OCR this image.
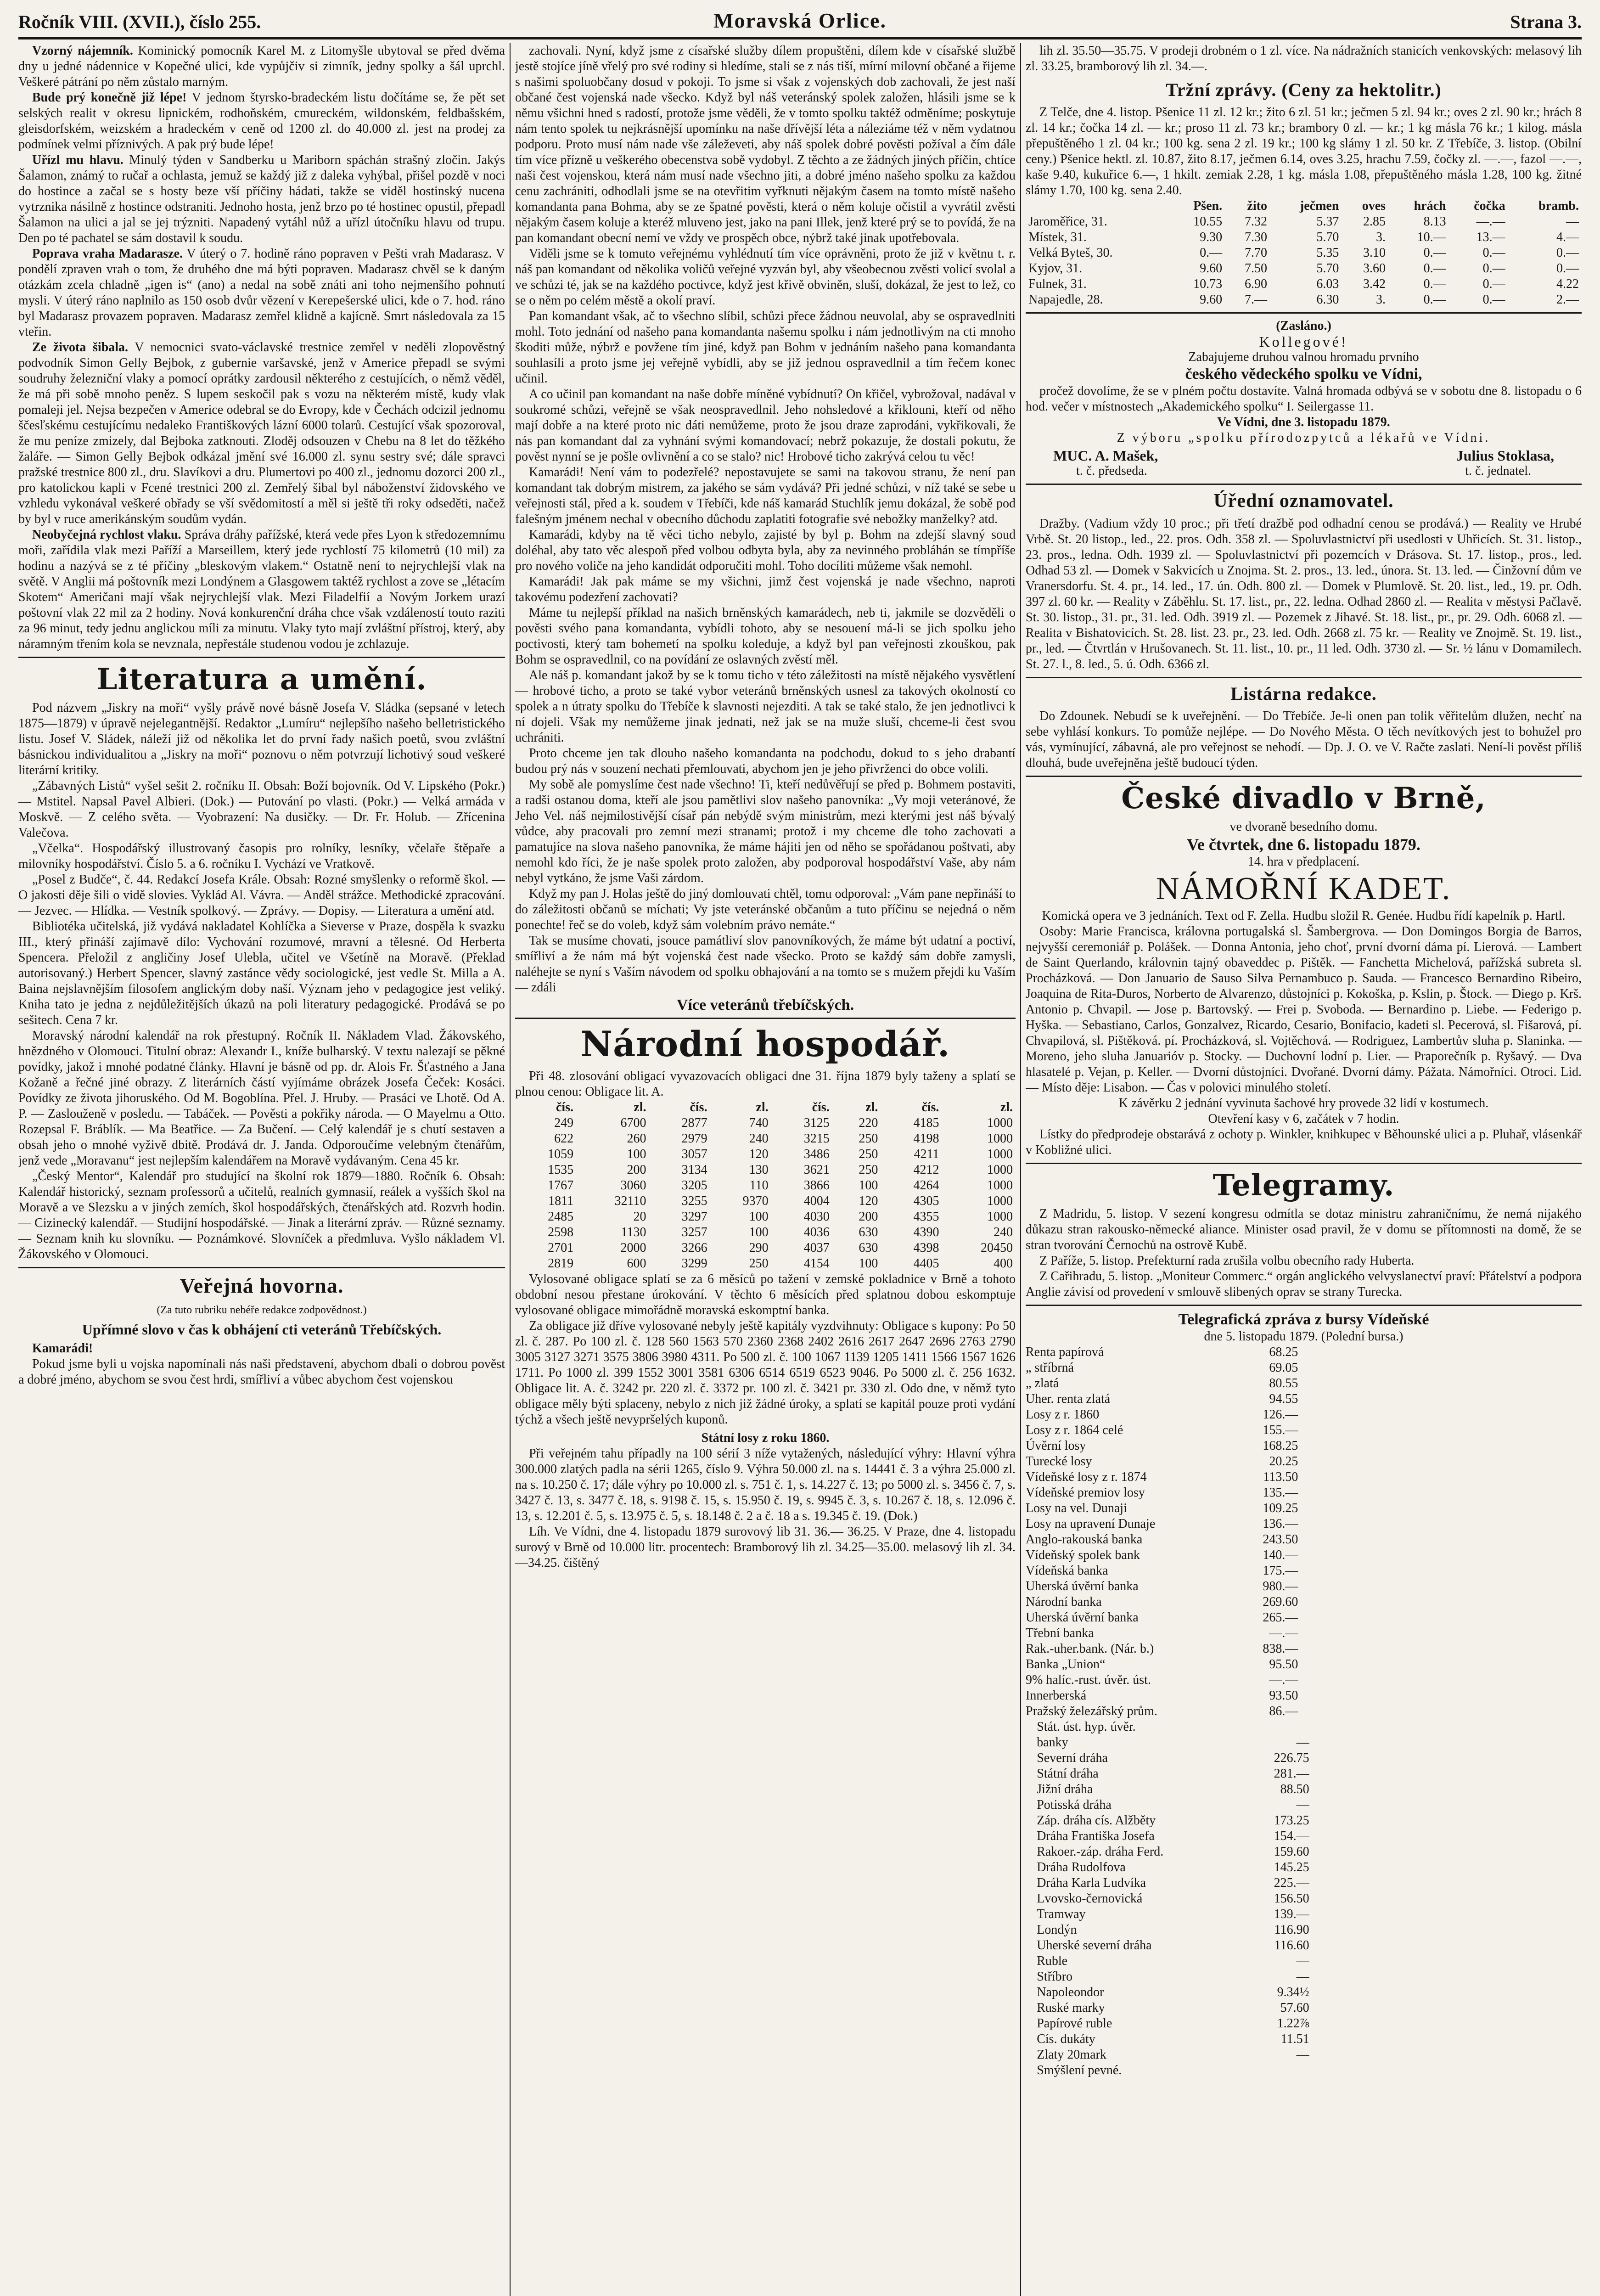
Ročník VIII. (XVII.), číslo 255.	Moravská Orlice.	Strana 3.

Vzorný nájemník. Kominický pomocník Karel M. z Litomyšle ubytoval se před dvěma dny u jedné nádennice v Kopečné ulici, kde vypůjčiv si zimník, jedny spolky a šál uprchl. Veškeré pátrání po něm zůstalo marným.

Bude prý konečně již lépe! V jednom štyrsko-bradeckém listu dočítáme se, že pět set selských realit v okresu lipnickém, rodhoňském, cmureckém, wildonském, feldbašském, gleisdorfském, weizském a hradeckém v ceně od 1200 zl. do 40.000 zl. jest na prodej za podmínek velmi příznivých. A pak prý bude lépe!

Uřízl mu hlavu. Minulý týden v Sandberku u Mariborn spáchán strašný zločin. Jakýs Šalamon, známý to ručař a ochlasta, jemuž se každý již z daleka vyhýbal, přišel pozdě v noci do hostince a začal se s hosty beze vší příčiny hádati, takže se viděl hostinský nucena vytrznika násilně z hostince odstraniti. Jednoho hosta, jenž brzo po té hostinec opustil, přepadl Šalamon na ulici a jal se jej trýzniti. Napadený vytáhl nůž a uřízl útočníku hlavu od trupu. Den po té pachatel se sám dostavil k soudu.

Poprava vraha Madarasze. V úterý o 7. hodině ráno popraven v Pešti vrah Madarasz. V pondělí zpraven vrah o tom, že druhého dne má býti popraven. Madarasz chvěl se k daným otázkám zcela chladně „igen is“ (ano) a nedal na sobě znáti ani toho nejmenšího pohnutí mysli. V úterý ráno naplnilo as 150 osob dvůr vězení v Kerepešerské ulici, kde o 7. hod. ráno byl Madarasz provazem popraven. Madarasz zemřel klidně a kajícně. Smrt následovala za 15 vteřin.

Ze života šibala. V nemocnici svato-václavské trestnice zemřel v neděli zlopověstný podvodník Simon Gelly Bejbok, z gubernie varšavské, jenž v Americe přepadl se svými soudruhy železniční vlaky a pomocí oprátky zardousil některého z cestujících, o němž věděl, že má při sobě mnoho peněz. S lupem seskočil pak s vozu na některém místě, kudy vlak pomaleji jel. Nejsa bezpečen v Americe odebral se do Evropy, kde v Čechách odcizil jednomu ščesľskému cestujícímu nedaleko Františkových lázní 6000 tolarů. Cestující však spozoroval, že mu peníze zmizely, dal Bejboka zatknouti. Zloděj odsouzen v Chebu na 8 let do těžkého žaláře. — Simon Gelly Bejbok odkázal jmění své 16.000 zl. synu sestry své; dále spravci pražské trestnice 800 zl., dru. Slavíkovi a dru. Plumertovi po 400 zl., jednomu dozorci 200 zl., pro katolickou kapli v Fcené trestnici 200 zl. Zemřelý šibal byl náboženství židovského ve vzhledu vykonával veškeré obřady se vší svědomitostí a měl si ještě tři roky odseděti, načež by byl v ruce amerikánským soudům vydán.

Neobyčejná rychlost vlaku. Správa dráhy pařížské, která vede přes Lyon k středozemnímu moři, zařídila vlak mezi Paříží a Marseillem, který jede rychlostí 75 kilometrů (10 mil) za hodinu a nazývá se z té příčiny „bleskovým vlakem.“ Ostatně není to nejrychlejší vlak na světě. V Anglii má poštovník mezi Londýnem a Glasgowem taktéž rychlost a zove se „létacím Skotem“ Američani mají však nejrychlejší vlak. Mezi Filadelfií a Novým Jorkem urazí poštovní vlak 22 mil za 2 hodiny. Nová konkurenční dráha chce však vzdáleností touto raziti za 96 minut, tedy jednu anglickou míli za minutu. Vlaky tyto mají zvláštní přístroj, který, aby náramným třením kola se nevznala, nepřestále studenou vodou je zchlazuje.

Literatura a umění.

Pod názvem „Jiskry na moři“ vyšly právě nové básně Josefa V. Sládka (sepsané v letech 1875—1879) v úpravě nejelegantnější. Redaktor „Lumíru“ nejlepšího našeho belletristického listu. Josef V. Sládek, náleží již od několika let do první řady našich poetů, svou zvláštní básnickou individualitou a „Jiskry na moři“ poznovu o něm potvrzují lichotivý soud veškeré literární kritiky.

„Zábavných Listů“ vyšel sešit 2. ročníku II. Obsah: Boží bojovník. Od V. Lipského (Pokr.) — Mstitel. Napsal Pavel Albieri. (Dok.) — Putování po vlasti. (Pokr.) — Velká armáda v Moskvě. — Z celého světa. — Vyobrazení: Na dusičky. — Dr. Fr. Holub. — Zřícenina Valečova.

„Včelka“. Hospodářský illustrovaný časopis pro rolníky, lesníky, včelaře štěpaře a milovníky hospodářství. Číslo 5. a 6. ročníku I. Vychází ve Vratkově.

„Posel z Budče“, č. 44. Redakcí Josefa Krále. Obsah: Rozné smyšlenky o reformě škol. — O jakosti děje šili o vidě slovies. Vyklád Al. Vávra. — Anděl strážce. Methodické zpracování. — Jezvec. — Hlídka. — Vestník spolkový. — Zprávy. — Dopisy. — Literatura a umění atd.

Bibliotéka učitelská, již vydává nakladatel Kohlíčka a Sieverse v Praze, dospěla k svazku III., který přináší zajímavě dílo: Vychování rozumové, mravní a tělesné. Od Herberta Spencera. Přeložil z angličiny Josef Ulebla, učitel ve Všetíně na Moravě. (Překlad autorisovaný.) Herbert Spencer, slavný zastánce vědy sociologické, jest vedle St. Milla a A. Baina nejslavnějším filosofem anglickým doby naší. Význam jeho v pedagogice jest veliký. Kniha tato je jedna z nejdůležitějších úkazů na poli literatury pedagogické. Prodává se po sešitech. Cena 7 kr.

Moravský národní kalendář na rok přestupný. Ročník II. Nákladem Vlad. Žákovského, hnězdného v Olomouci. Titulní obraz: Alexandr I., kníže bulharský. V textu nalezají se pěkné povídky, jakož i mnohé podatné články. Hlavní je básně od pp. dr. Alois Fr. Šťastného a Jana Kožaně a řečné jiné obrazy. Z literárních částí vyjímáme obrázek Josefa Čeček: Kosáci. Povídky ze života jihoruského. Od M. Bogoblína. Přel. J. Hruby. — Prasáci ve Lhotě. Od A. P. — Zaslouženě v posledu. — Tabáček. — Pověsti a pokřiky národa. — O Mayelmu a Otto. Rozepsal F. Bráblík. — Ma Beatřice. — Za Bučení. — Celý kalendář je s chutí sestaven a obsah jeho o mnohé vyživě dbitě. Prodává dr. J. Janda. Odporoučíme velebným čtenářům, jenž vede „Moravanu“ jest nejlepším kalendářem na Moravě vydávaným. Cena 45 kr.

„Český Mentor“, Kalendář pro studující na školní rok 1879—1880. Ročník 6. Obsah: Kalendář historický, seznam professorů a učitelů, realních gymnasií, reálek a vyšších škol na Moravě a ve Slezsku a v jiných zemích, škol hospodářských, čtenářských atd. Rozvrh hodin. — Cizinecký kalendář. — Studijní hospodářské. — Jinak a literární zpráv. — Různé seznamy. — Seznam knih ku slovníku. — Poznámkové. Slovníček a předmluva. Vyšlo nákladem Vl. Žákovského v Olomouci.

Veřejná hovorna.
(Za tuto rubriku nebéře redakce zodpovědnost.)
Upřímné slovo v čas k obhájení cti veteránů Třebíčských.

Kamarádi!

Pokud jsme byli u vojska napomínali nás naši představení, abychom dbali o dobrou pověst a dobré jméno, abychom se svou čest hrdi, smířliví a vůbec abychom čest vojenskou

zachovali. Nyní, když jsme z císařské služby dílem propuštěni, dílem kde v císařské službě jestě stojíce jíně vřelý pro své rodiny si hledíme, stali se z nás tiší, mírní milovní občané a řijeme s našimi spoluobčany dosud v pokoji. To jsme si však z vojenských dob zachovali, že jest naší občané čest vojenská nade všecko. Když byl náš veteránský spolek založen, hlásili jsme se k němu všichni hned s radostí, protože jsme věděli, že v tomto spolku taktéž odměníme; poskytuje nám tento spolek tu nejkrásnější upomínku na naše dřívější léta a náleziáme též v něm vydatnou podporu. Proto musí nám nade vše záleževeti, aby náš spolek dobré pověsti požíval a čím dále tím více přízně u veškerého obecenstva sobě vydobyl. Z těchto a ze žádných jiných příčin, chtíce naši čest vojenskou, která nám musí nade všechno jiti, a dobré jméno našeho spolku za každou cenu zachrániti, odhodlali jsme se na otevřitim vyřknuti nějakým časem na tomto místě našeho komandanta pana Bohma, aby se ze špatné pověsti, která o něm koluje očistil a vyvrátil zvěsti nějakým časem koluje a kteréž mluveno jest, jako na pani Illek, jenž které prý se to povídá, že na pan komandant obecní nemí ve vždy ve prospěch obce, nýbrž také jinak upotřebovala.

Viděli jsme se k tomuto veřejnému vyhlédnutí tím více oprávněni, proto že již v květnu t. r. náš pan komandant od několika voličů veřejné vyzván byl, aby všeobecnou zvěsti volicí svolal a ve schůzi té, jak se na každého poctivce, když jest křivě obviněn, sluší, dokázal, že jest to lež, co se o něm po celém městě a okolí praví.

Pan komandant však, ač to všechno slíbil, schůzi přece žádnou neuvolal, aby se ospravedlniti mohl. Toto jednání od našeho pana komandanta našemu spolku i nám jednotlivým na cti mnoho škoditi může, nýbrž e povžene tím jiné, když pan Bohm v jednáním našeho pana komandanta souhlasíli a proto jsme jej veřejně vybídli, aby se již jednou ospravedlnil a tím řečem konec učinil.

A co učinil pan komandant na naše dobře míněné vybídnutí? On křičel, vybrožoval, nadával v soukromé schůzi, veřejně se však neospravedlnil. Jeho nohsledové a křiklouni, kteří od něho mají dobře a na které proto nic dáti nemůžeme, proto že jsou draze zaprodáni, vykřikovali, že nás pan komandant dal za vyhnání svými komandovací; nebrž pokazuje, že dostali pokutu, že pověst nynní se je pošle ovlivnění a co se stalo? nic! Hrobové ticho zakrývá celou tu věc!

Kamarádi! Není vám to podezřelé? nepostavujete se sami na takovou stranu, že není pan komandant tak dobrým mistrem, za jakého se sám vydává? Při jedné schůzi, v níž také se sebe u veřejnosti stál, před a k. soudem v Třebíči, kde náš kamarád Stuchlík jemu dokázal, že sobě pod falešným jménem nechal v obecního důchodu zaplatiti fotografie své nebožky manželky? atd.

Kamarádi, kdyby na tě věci ticho nebylo, zajisté by byl p. Bohm na zdejší slavný soud doléhal, aby tato věc alespoň před volbou odbyta byla, aby za nevinného probláhán se tímpříše pro nového voliče na jeho kandidát odporučiti mohl. Toho docíliti můžeme však nemohl.

Kamarádi! Jak pak máme se my všichni, jimž čest vojenská je nade všechno, naproti takovému podezření zachovati?

Máme tu nejlepší příklad na našich brněnských kamarádech, neb ti, jakmile se dozvěděli o pověsti svého pana komandanta, vybídli tohoto, aby se nesouení má-li se jich spolku jeho poctivosti, který tam bohemetí na spolku koleduje, a když byl pan veřejnosti zkouškou, pak Bohm se ospravedlnil, co na povídání ze oslavných zvěstí měl.

Ale náš p. komandant jakož by se k tomu ticho v této záležitosti na místě nějakého vysvětlení — hrobové ticho, a proto se také vybor veteránů brněnských usnesl za takových okolností co spolek a n útraty spolku do Třebíče k slavnosti nejezditi. A tak se také stalo, že jen jednotlivci k ní dojeli. Však my nemůžeme jinak jednati, než jak se na muže sluší, chceme-li čest svou uchrániti.

Proto chceme jen tak dlouho našeho komandanta na podchodu, dokud to s jeho drabantí budou prý nás v souzení nechati přemlouvati, abychom jen je jeho přivrženci do obce volili.

My sobě ale pomyslíme čest nade všechno! Ti, kteří nedůvěřují se před p. Bohmem postaviti, a radši ostanou doma, kteří ale jsou pamětlivi slov našeho panovníka: „Vy moji veteránové, že Jeho Vel. náš nejmilostivější císař pán nebýdě svým ministrům, mezi kterými jest náš bývalý vůdce, aby pracovali pro zemní mezi stranami; protož i my chceme dle toho zachovati a pamatujíce na slova našeho panovníka, že máme hájiti jen od něho se spořádanou poštvati, aby nemohl kdo říci, že je naše spolek proto založen, aby podporoval hospodářství Vaše, aby nám nebyl vytkáno, že jsme Vaši zárdom.

Když my pan J. Holas ještě do jiný domlouvati chtěl, tomu odporoval: „Vám pane nepřináší to do záležitosti občanů se míchati; Vy jste veteránské občanům a tuto příčinu se nejedná o něm ponechte! řeč se do voleb, když sám volebním právo nemáte.“

Tak se musíme chovati, jsouce památliví slov panovníkových, že máme být udatní a poctiví, smířliví a že nám má být vojenská čest nade všecko. Proto se každý sám dobře zamysli, naléhejte se nyní s Vaším návodem od spolku obhajování a na tomto se s mužem přejdi ku Vaším — zdáli

Více veteránů třebíčských.
Národní hospodář.

Při 48. zlosování obligací vyvazovacích obligaci dne 31. října 1879 byly taženy a splatí se plnou cenou: Obligace lit. A.

čís.	zl.	čís.	zl.	čís.	zl.	čís.	zl.
249	6700	2877	740	3125	220	4185	1000
622	260	2979	240	3215	250	4198	1000
1059	100	3057	120	3486	250	4211	1000
1535	200	3134	130	3621	250	4212	1000
1767	3060	3205	110	3866	100	4264	1000
1811	32110	3255	9370	4004	120	4305	1000
2485	20	3297	100	4030	200	4355	1000
2598	1130	3257	100	4036	630	4390	240
2701	2000	3266	290	4037	630	4398	20450
2819	600	3299	250	4154	100	4405	400

Vylosované obligace splatí se za 6 měsíců po tažení v zemské pokladnice v Brně a tohoto obdobní nesou přestane úrokování. V těchto 6 měsících před splatnou dobou eskomptuje vylosované obligace mimořádně moravská eskomptní banka.

Za obligace již dříve vylosované nebyly ještě kapitály vyzdvihnuty: Obligace s kupony: Po 50 zl. č. 287. Po 100 zl. č. 128 560 1563 570 2360 2368 2402 2616 2617 2647 2696 2763 2790 3005 3127 3271 3575 3806 3980 4311. Po 500 zl. č. 100 1067 1139 1205 1411 1566 1567 1626 1711. Po 1000 zl. 399 1552 3001 3581 6306 6514 6519 6523 9046. Po 5000 zl. č. 256 1632. Obligace lit. A. č. 3242 pr. 220 zl. č. 3372 pr. 100 zl. č. 3421 pr. 330 zl. Odo dne, v němž tyto obligace měly býti splaceny, nebylo z nich již žádné úroky, a splatí se kapitál pouze proti vydání týchž a všech ještě nevypršelých kuponů.

Státní losy z roku 1860.

Při veřejném tahu případly na 100 sérií 3 níže vytažených, následující výhry: Hlavní výhra 300.000 zlatých padla na sérii 1265, číslo 9. Výhra 50.000 zl. na s. 14441 č. 3 a výhra 25.000 zl. na s. 10.250 č. 17; dále výhry po 10.000 zl. s. 751 č. 1, s. 14.227 č. 13; po 5000 zl. s. 3456 č. 7, s. 3427 č. 13, s. 3477 č. 18, s. 9198 č. 15, s. 15.950 č. 19, s. 9945 č. 3, s. 10.267 č. 18, s. 12.096 č. 13, s. 12.201 č. 5, s. 13.975 č. 5, s. 18.148 č. 2 a č. 18 a s. 19.345 č. 19. (Dok.)

Líh. Ve Vídni, dne 4. listopadu 1879 surovový lib 31. 36.— 36.25. V Praze, dne 4. listopadu surový v Brně od 10.000 litr. procentech: Bramborový lih zl. 34.25—35.00. melasový lih zl. 34.—34.25. čištěný

lih zl. 35.50—35.75. V prodeji drobném o 1 zl. více. Na nádražních stanicích venkovských: melasový lih zl. 33.25, bramborový lih zl. 34.—.

Tržní zprávy. (Ceny za hektolitr.)

Z Telče, dne 4. listop. Pšenice 11 zl. 12 kr.; žito 6 zl. 51 kr.; ječmen 5 zl. 94 kr.; oves 2 zl. 90 kr.; hrách 8 zl. 14 kr.; čočka 14 zl. — kr.; proso 11 zl. 73 kr.; brambory 0 zl. — kr.; 1 kg másla 76 kr.; 1 kilog. másla přepuštěného 1 zl. 04 kr.; 100 kg. sena 2 zl. 19 kr.; 100 kg slámy 1 zl. 50 kr. Z Třebíče, 3. listop. (Obilní ceny.) Pšenice hektl. zl. 10.87, žito 8.17, ječmen 6.14, oves 3.25, hrachu 7.59, čočky zl. —.—, fazol —.—, kaše 9.40, kukuřice 6.—, 1 hkilt. zemiak 2.28, 1 kg. másla 1.08, přepuštěného másla 1.28, 100 kg. žitné slámy 1.70, 100 kg. sena 2.40.

	Pšen.	žito	ječmen	oves	hrách	čočka	bramb.
Jaroměřice, 31.	10.55	7.32	5.37	2.85	8.13	—.—	—
Místek, 31.	9.30	7.30	5.70	3.	10.—	13.—	4.—
Velká Byteš, 30.	0.—	7.70	5.35	3.10	0.—	0.—	0.—
Kyjov, 31.	9.60	7.50	5.70	3.60	0.—	0.—	0.—
Fulnek, 31.	10.73	6.90	6.03	3.42	0.—	0.—	4.22
Napajedle, 28.	9.60	7.—	6.30	3.	0.—	0.—	2.—
(Zasláno.)
Kollegové!
Zabajujeme druhou valnou hromadu prvního
českého vědeckého spolku ve Vídni,

pročež dovolíme, že se v plném počtu dostavíte. Valná hromada odbývá se v sobotu dne 8. listopadu o 6 hod. večer v místnostech „Akademického spolku“ I. Seilergasse 11.

Ve Vídni, dne 3. listopadu 1879.
Z výboru „spolku přírodozpytců a lékařů ve Vídni.
MUC. A. Mašek,	Julius Stoklasa,
t. č. předseda.	t. č. jednatel.
Úřední oznamovatel.

Dražby. (Vadium vždy 10 proc.; při třetí dražbě pod odhadní cenou se prodává.) — Reality ve Hrubé Vrbě. St. 20 listop., led., 22. pros. Odh. 358 zl. — Spoluvlastnictví při usedlosti v Uhřicích. St. 31. listop., 23. pros., ledna. Odh. 1939 zl. — Spoluvlastnictví při pozemcích v Drásova. St. 17. listop., pros., led. Odhad 53 zl. — Domek v Sakvicích u Znojma. St. 2. pros., 13. led., února. St. 13. led. — Činžovní dům ve Vranersdorfu. St. 4. pr., 14. led., 17. ún. Odh. 800 zl. — Domek v Plumlově. St. 20. list., led., 19. pr. Odh. 397 zl. 60 kr. — Reality v Záběhlu. St. 17. list., pr., 22. ledna. Odhad 2860 zl. — Realita v městysi Pačlavě. St. 30. listop., 31. pr., 31. led. Odh. 3919 zl. — Pozemek z Jihavé. St. 18. list., pr., pr. 29. Odh. 6068 zl. — Realita v Bishatovicích. St. 28. list. 23. pr., 23. led. Odh. 2668 zl. 75 kr. — Reality ve Znojmě. St. 19. list., pr., led. — Čtvrtlán v Hrušovanech. St. 11. list., 10. pr., 11 led. Odh. 3730 zl. — Sr. ½ lánu v Domamilech. St. 27. l., 8. led., 5. ú. Odh. 6366 zl.

Listárna redakce.

Do Zdounek. Nebudí se k uveřejnění. — Do Třebíče. Je-li onen pan tolik věřitelům dlužen, nechť na sebe vyhlásí konkurs. To pomůže nejlépe. — Do Nového Města. O těch nevítkových jest to bohužel pro vás, vymínující, zábavná, ale pro veřejnost se nehodí. — Dp. J. O. ve V. Račte zaslati. Není-li pověst příliš dlouhá, bude uveřejněna ještě budoucí týden.

České divadlo v Brně,
ve dvoraně besedního domu.
Ve čtvrtek, dne 6. listopadu 1879.
14. hra v předplacení.
NÁMOŘNÍ KADET.
Komická opera ve 3 jednáních. Text od F. Zella. Hudbu složil R. Genée. Hudbu řídí kapelník p. Hartl.

Osoby: Marie Francisca, královna portugalská sl. Šambergrova. — Don Domingos Borgia de Barros, nejvyšší ceremoniář p. Polášek. — Donna Antonia, jeho choť, první dvorní dáma pí. Lierová. — Lambert de Saint Querlando, královnin tajný obaveddec p. Pištěk. — Fanchetta Michelová, pařížská subreta sl. Procházková. — Don Januario de Sauso Silva Pernambuco p. Sauda. — Francesco Bernardino Ribeiro, Joaquina de Rita-Duros, Norberto de Alvarenzo, důstojníci p. Kokoška, p. Kslin, p. Štock. — Diego p. Krš. Antonio p. Chvapil. — Jose p. Bartovský. — Frei p. Svoboda. — Bernardino p. Liebe. — Federigo p. Hyška. — Sebastiano, Carlos, Gonzalvez, Ricardo, Cesario, Bonifacio, kadeti sl. Pecerová, sl. Fišarová, pí. Chvapilová, sl. Pištěková. pí. Procházková, sl. Vojtěchová. — Rodriguez, Lambertův sluha p. Slaninka. — Moreno, jeho sluha Januarióv p. Stocky. — Duchovní lodní p. Lier. — Praporečník p. Ryšavý. — Dva hlasatelé p. Vejan, p. Keller. — Dvorní důstojníci. Dvořané. Dvorní dámy. Pážata. Námořníci. Otroci. Lid. — Místo děje: Lisabon. — Čas v polovici minulého století.

K závěrku 2 jednání vyvinuta šachové hry provede 32 lidí v kostumech.
Otevření kasy v 6, začátek v 7 hodin.

Lístky do předprodeje obstarává z ochoty p. Winkler, knihkupec v Běhounské ulici a p. Pluhař, vlásenkář v Kobližné ulici.

Telegramy.

Z Madridu, 5. listop. V sezení kongresu odmítla se dotaz ministru zahraničnímu, že nemá nijakého důkazu stran rakousko-německé aliance. Minister osad pravil, že v domu se přítomnosti na domě, že se stran tvorování Černochů na ostrově Kubě.

Z Paříže, 5. listop. Prefekturní rada zrušila volbu obecního rady Huberta.

Z Cařihradu, 5. listop. „Moniteur Commerc.“ orgán anglického velvyslanectví praví: Přátelství a podpora Anglie závisí od provedení v smlouvě slibených oprav se strany Turecka.

Telegrafická zpráva z bursy Vídeňské
dne 5. listopadu 1879. (Polední bursa.)
Renta papírová	68.25
„ stříbrná	69.05
„ zlatá	80.55
Uher. renta zlatá	94.55
Losy z r. 1860	126.—
Losy z r. 1864 celé	155.—
Úvěrní losy	168.25
Turecké losy	20.25
Vídeňské losy z r. 1874	113.50
Vídeňské premiov losy	135.—
Losy na vel. Dunaji	109.25
Losy na upravení Dunaje	136.—
Anglo-rakouská banka	243.50
Vídeňský spolek bank	140.—
Vídeňská banka	175.—
Uherská úvěrní banka	980.—
Národní banka	269.60
Uherská úvěrní banka	265.—
Třební banka	—.—
Rak.-uher.bank. (Nár. b.)	838.—
Banka „Union“	95.50
9% halíc.-rust. úvěr. úst.	—.—
Innerberská	93.50
Pražský železářský prům.	86.—

Stát. úst. hyp. úvěr.
banky	—
Severní dráha	226.75
Státní dráha	281.—
Jižní dráha	88.50
Potisská dráha	—
Záp. dráha cís. Alžběty	173.25
Dráha Františka Josefa	154.—
Rakoer.-záp. dráha Ferd.	159.60
Dráha Rudolfova	145.25
Dráha Karla Ludvíka	225.—
Lvovsko-černovická	156.50
Tramway	139.—
Londýn	116.90
Uherské severní dráha	116.60
Ruble	—
Stříbro	—
Napoleondor	9.34½
Ruské marky	57.60
Papírové ruble	1.22⅞
Cís. dukáty	11.51
Zlaty 20mark	—
Smýšlení pevné.
